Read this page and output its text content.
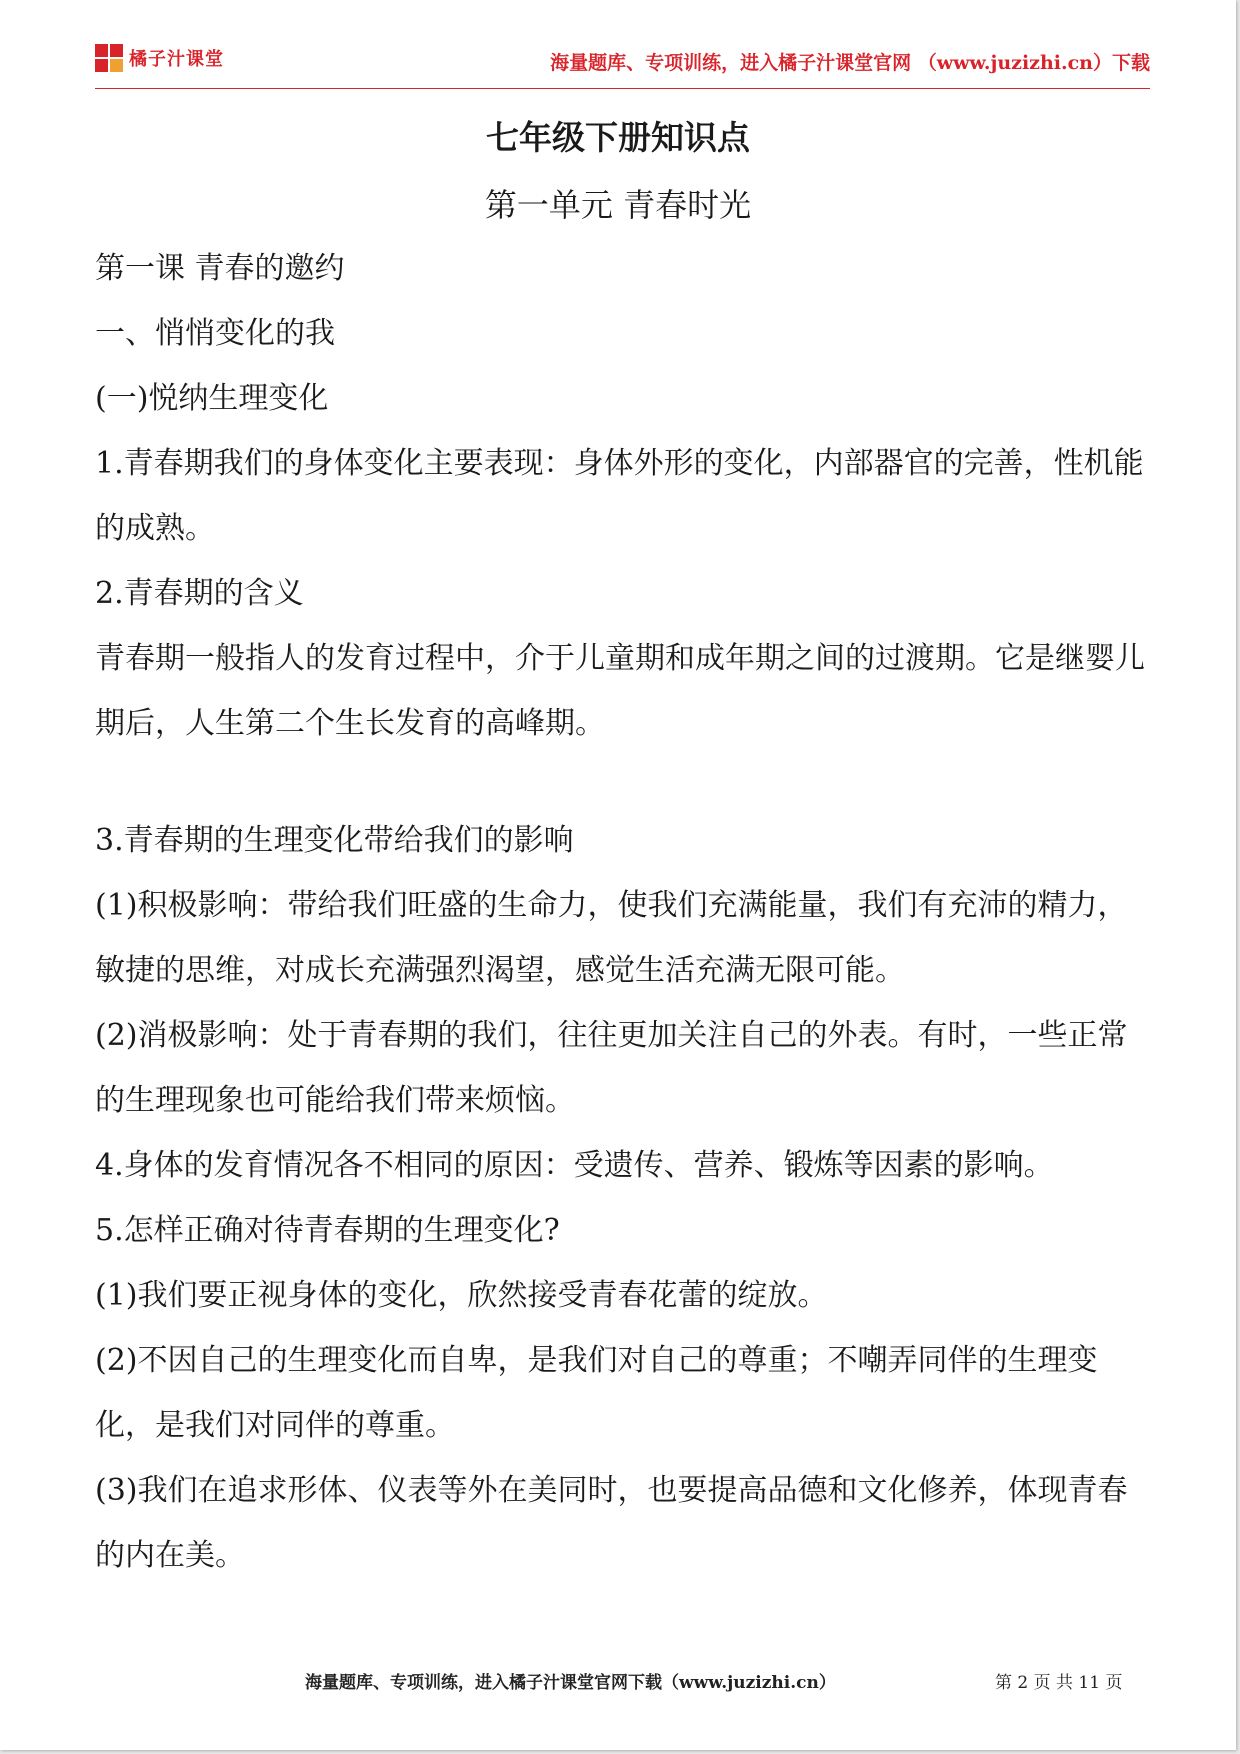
橘子汁课堂	海量题库、专项训练，进入橘子汁课堂官网 （www.juzizhi.cn）下载
七年级下册知识点
第一单元 青春时光

第一课 青春的邀约

一、悄悄变化的我

(一)悦纳生理变化

1.青春期我们的身体变化主要表现：身体外形的变化，内部器官的完善，性机能的成熟。

2.青春期的含义

青春期一般指人的发育过程中，介于儿童期和成年期之间的过渡期。它是继婴儿期后，人生第二个生长发育的高峰期。

3.青春期的生理变化带给我们的影响

(1)积极影响：带给我们旺盛的生命力，使我们充满能量，我们有充沛的精力，敏捷的思维，对成长充满强烈渴望，感觉生活充满无限可能。

(2)消极影响：处于青春期的我们，往往更加关注自己的外表。有时，一些正常的生理现象也可能给我们带来烦恼。

4.身体的发育情况各不相同的原因：受遗传、营养、锻炼等因素的影响。

5.怎样正确对待青春期的生理变化?

(1)我们要正视身体的变化，欣然接受青春花蕾的绽放。

(2)不因自己的生理变化而自卑，是我们对自己的尊重；不嘲弄同伴的生理变化，是我们对同伴的尊重。

(3)我们在追求形体、仪表等外在美同时，也要提高品德和文化修养，体现青春的内在美。

海量题库、专项训练，进入橘子汁课堂官网下载（www.juzizhi.cn）	第 2 页 共 11 页
